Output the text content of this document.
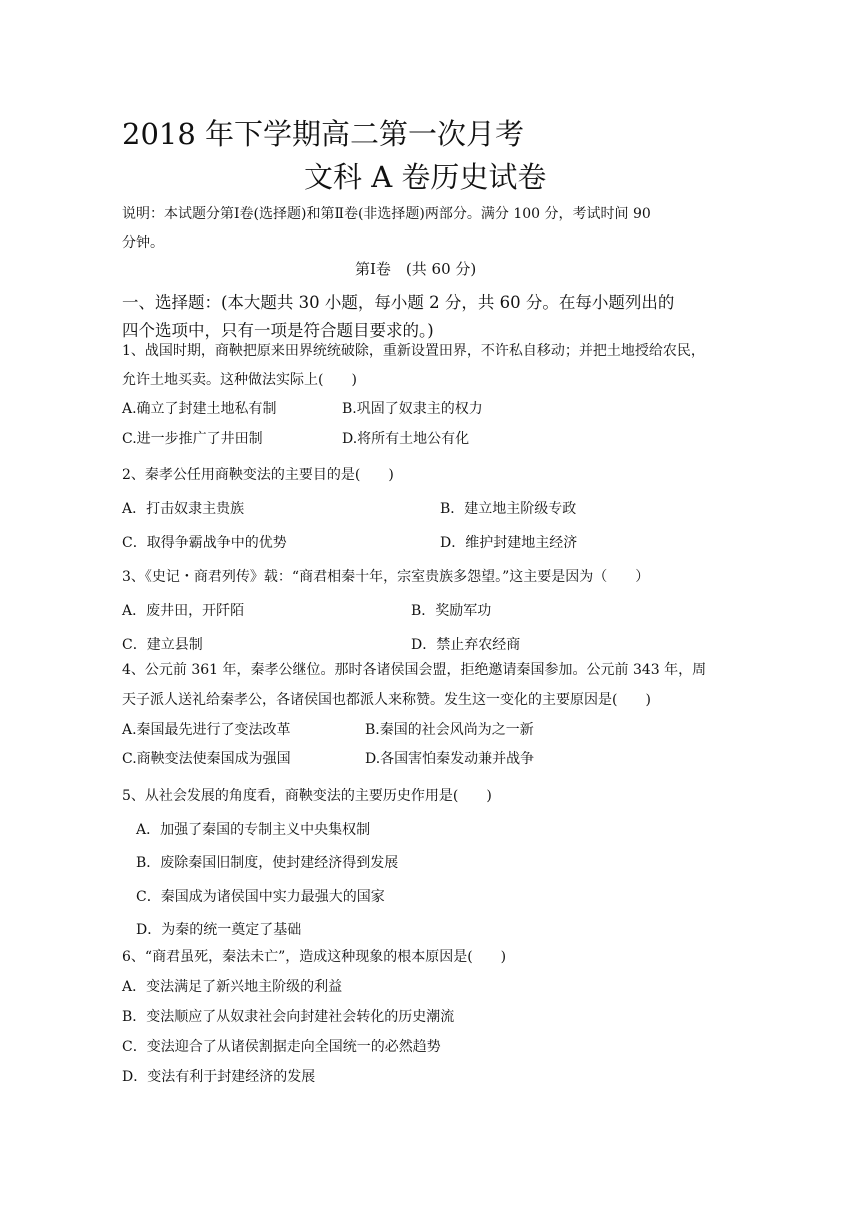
2018 年下学期高二第一次月考
文科 A 卷历史试卷
说明：本试题分第Ⅰ卷(选择题)和第Ⅱ卷(非选择题)两部分。满分 100 分，考试时间 90
分钟。
第Ⅰ卷　(共 60 分)
一、选择题：(本大题共 30 小题，每小题 2 分，共 60 分。在每小题列出的
四个选项中，只有一项是符合题目要求的。)
1、战国时期，商鞅把原来田界统统破除，重新设置田界，不许私自移动；并把土地授给农民，
允许土地买卖。这种做法实际上(　　)
A.确立了封建土地私有制	B.巩固了奴隶主的权力
C.进一步推广了井田制	D.将所有土地公有化
2、秦孝公任用商鞅变法的主要目的是(　　)
A．打击奴隶主贵族	B．建立地主阶级专政
C．取得争霸战争中的优势	D．维护封建地主经济
3、《史记・商君列传》载：“商君相秦十年，宗室贵族多怨望。”这主要是因为（　　）
A．废井田，开阡陌	B．奖励军功
C．建立县制	D．禁止弃农经商
4、公元前 361 年，秦孝公继位。那时各诸侯国会盟，拒绝邀请秦国参加。公元前 343 年，周
天子派人送礼给秦孝公，各诸侯国也都派人来称赞。发生这一变化的主要原因是(　　)
A.秦国最先进行了变法改革	B.秦国的社会风尚为之一新
C.商鞅变法使秦国成为强国	D.各国害怕秦发动兼并战争
5、从社会发展的角度看，商鞅变法的主要历史作用是(　　)
A．加强了秦国的专制主义中央集权制
B．废除秦国旧制度，使封建经济得到发展
C．秦国成为诸侯国中实力最强大的国家
D．为秦的统一奠定了基础
6、“商君虽死，秦法未亡”，造成这种现象的根本原因是(　　)
A．变法满足了新兴地主阶级的利益
B．变法顺应了从奴隶社会向封建社会转化的历史潮流
C．变法迎合了从诸侯割据走向全国统一的必然趋势
D．变法有利于封建经济的发展
